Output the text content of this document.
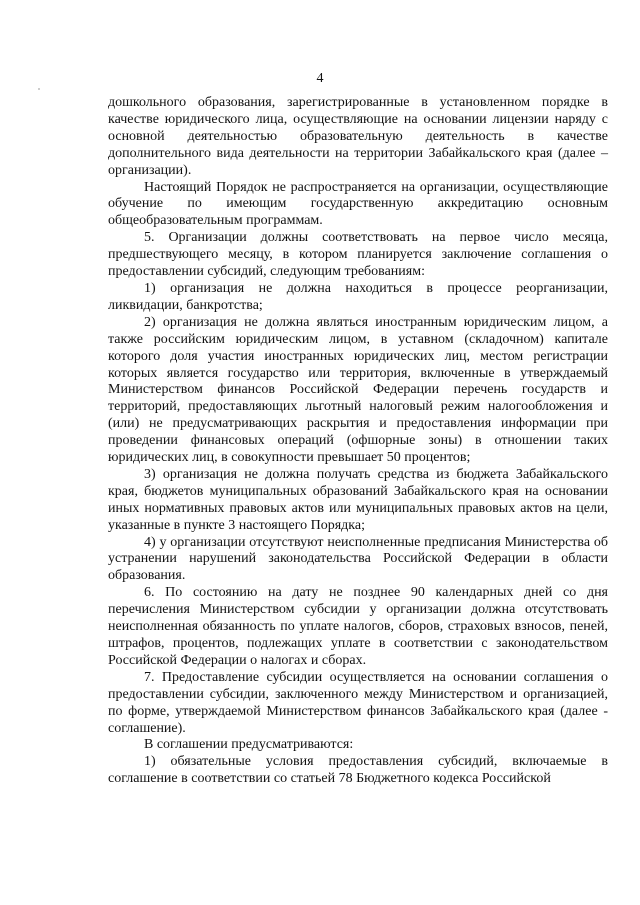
4

дошкольного образования, зарегистрированные в установленном порядке в качестве юридического лица, осуществляющие на основании лицензии наряду с основной деятельностью образовательную деятельность в качестве дополнительного вида деятельности на территории Забайкальского края (далее – организации).

Настоящий Порядок не распространяется на организации, осуществляющие обучение по имеющим государственную аккредитацию основным общеобразовательным программам.

5. Организации должны соответствовать на первое число месяца, предшествующего месяцу, в котором планируется заключение соглашения о предоставлении субсидий, следующим требованиям:

1) организация не должна находиться в процессе реорганизации, ликвидации, банкротства;

2) организация не должна являться иностранным юридическим лицом, а также российским юридическим лицом, в уставном (складочном) капитале которого доля участия иностранных юридических лиц, местом регистрации которых является государство или территория, включенные в утверждаемый Министерством финансов Российской Федерации перечень государств и территорий, предоставляющих льготный налоговый режим налогообложения и (или) не предусматривающих раскрытия и предоставления информации при проведении финансовых операций (офшорные зоны) в отношении таких юридических лиц, в совокупности превышает 50 процентов;

3) организация не должна получать средства из бюджета Забайкальского края, бюджетов муниципальных образований Забайкальского края на основании иных нормативных правовых актов или муниципальных правовых актов на цели, указанные в пункте 3 настоящего Порядка;

4) у организации отсутствуют неисполненные предписания Министерства об устранении нарушений законодательства Российской Федерации в области образования.

6. По состоянию на дату не позднее 90 календарных дней со дня перечисления Министерством субсидии у организации должна отсутствовать неисполненная обязанность по уплате налогов, сборов, страховых взносов, пеней, штрафов, процентов, подлежащих уплате в соответствии с законодательством Российской Федерации о налогах и сборах.

7. Предоставление субсидии осуществляется на основании соглашения о предоставлении субсидии, заключенного между Министерством и организацией, по форме, утверждаемой Министерством финансов Забайкальского края (далее - соглашение).

В соглашении предусматриваются:

1) обязательные условия предоставления субсидий, включаемые в соглашение в соответствии со статьей 78 Бюджетного кодекса Российской
